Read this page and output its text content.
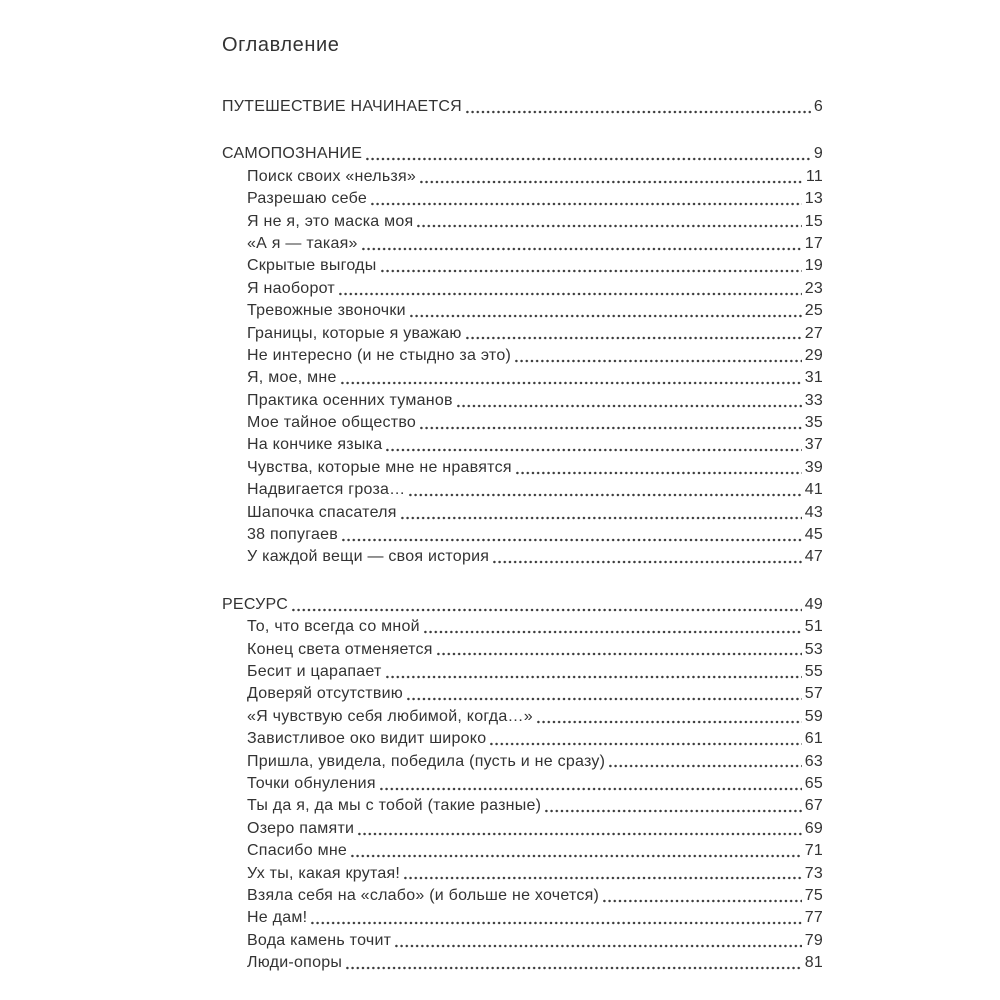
Оглавление
ПУТЕШЕСТВИЕ НАЧИНАЕТСЯ	6
САМОПОЗНАНИЕ	9
Поиск своих «нельзя»	11
Разрешаю себе	13
Я не я, это маска моя	15
«А я — такая»	17
Скрытые выгоды	19
Я наоборот	23
Тревожные звоночки	25
Границы, которые я уважаю	27
Не интересно (и не стыдно за это)	29
Я, мое, мне	31
Практика осенних туманов	33
Мое тайное общество	35
На кончике языка	37
Чувства, которые мне не нравятся	39
Надвигается гроза…	41
Шапочка спасателя	43
38 попугаев	45
У каждой вещи — своя история	47
РЕСУРС	49
То, что всегда со мной	51
Конец света отменяется	53
Бесит и царапает	55
Доверяй отсутствию	57
«Я чувствую себя любимой, когда…»	59
Завистливое око видит широко	61
Пришла, увидела, победила (пусть и не сразу)	63
Точки обнуления	65
Ты да я, да мы с тобой (такие разные)	67
Озеро памяти	69
Спасибо мне	71
Ух ты, какая крутая!	73
Взяла себя на «слабо» (и больше не хочется)	75
Не дам!	77
Вода камень точит	79
Люди-опоры	81
